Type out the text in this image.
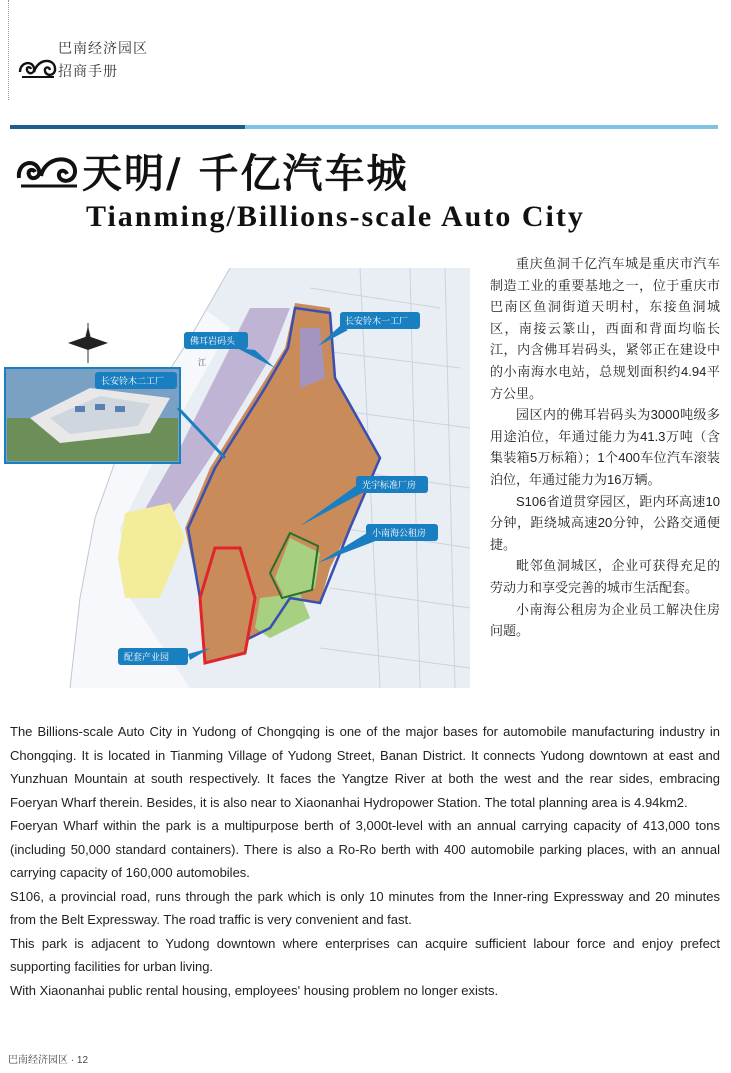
巴南经济园区
招商手册
天明/ 千亿汽车城
Tianming/Billions-scale Auto City
江
佛耳岩码头
长安铃木一工厂
长安铃木二工厂
光宇标准厂房
小南海公租房
配套产业园

重庆鱼洞千亿汽车城是重庆市汽车制造工业的重要基地之一，位于重庆市巴南区鱼洞街道天明村，东接鱼洞城区，南接云篆山，西面和背面均临长江，内含佛耳岩码头，紧邻正在建设中的小南海水电站，总规划面积约4.94平方公里。

园区内的佛耳岩码头为3000吨级多用途泊位，年通过能力为41.3万吨（含集装箱5万标箱）；1个400车位汽车滚装泊位，年通过能力为16万辆。

S106省道贯穿园区，距内环高速10分钟，距绕城高速20分钟，公路交通便捷。

毗邻鱼洞城区，企业可获得充足的劳动力和享受完善的城市生活配套。

小南海公租房为企业员工解决住房问题。

The Billions-scale Auto City in Yudong of Chongqing is one of the major bases for automobile manufacturing industry in Chongqing. It is located in Tianming Village of Yudong Street, Banan District. It connects Yudong downtown at east and Yunzhuan Mountain at south respectively. It faces the Yangtze River at both the west and the rear sides, embracing Foeryan Wharf therein. Besides, it is also near to Xiaonanhai Hydropower Station. The total planning area is 4.94km2.

Foeryan Wharf within the park is a multipurpose berth of 3,000t-level with an annual carrying capacity of 413,000 tons (including 50,000 standard containers). There is also a Ro-Ro berth with 400 automobile parking places, with an annual carrying capacity of 160,000 automobiles.

S106, a provincial road, runs through the park which is only 10 minutes from the Inner-ring Expressway and 20 minutes from the Belt Expressway. The road traffic is very convenient and fast.

This park is adjacent to Yudong downtown where enterprises can acquire sufficient labour force and enjoy prefect supporting facilities for urban living.

With Xiaonanhai public rental housing, employees' housing problem no longer exists.

巴南经济园区 · 12
